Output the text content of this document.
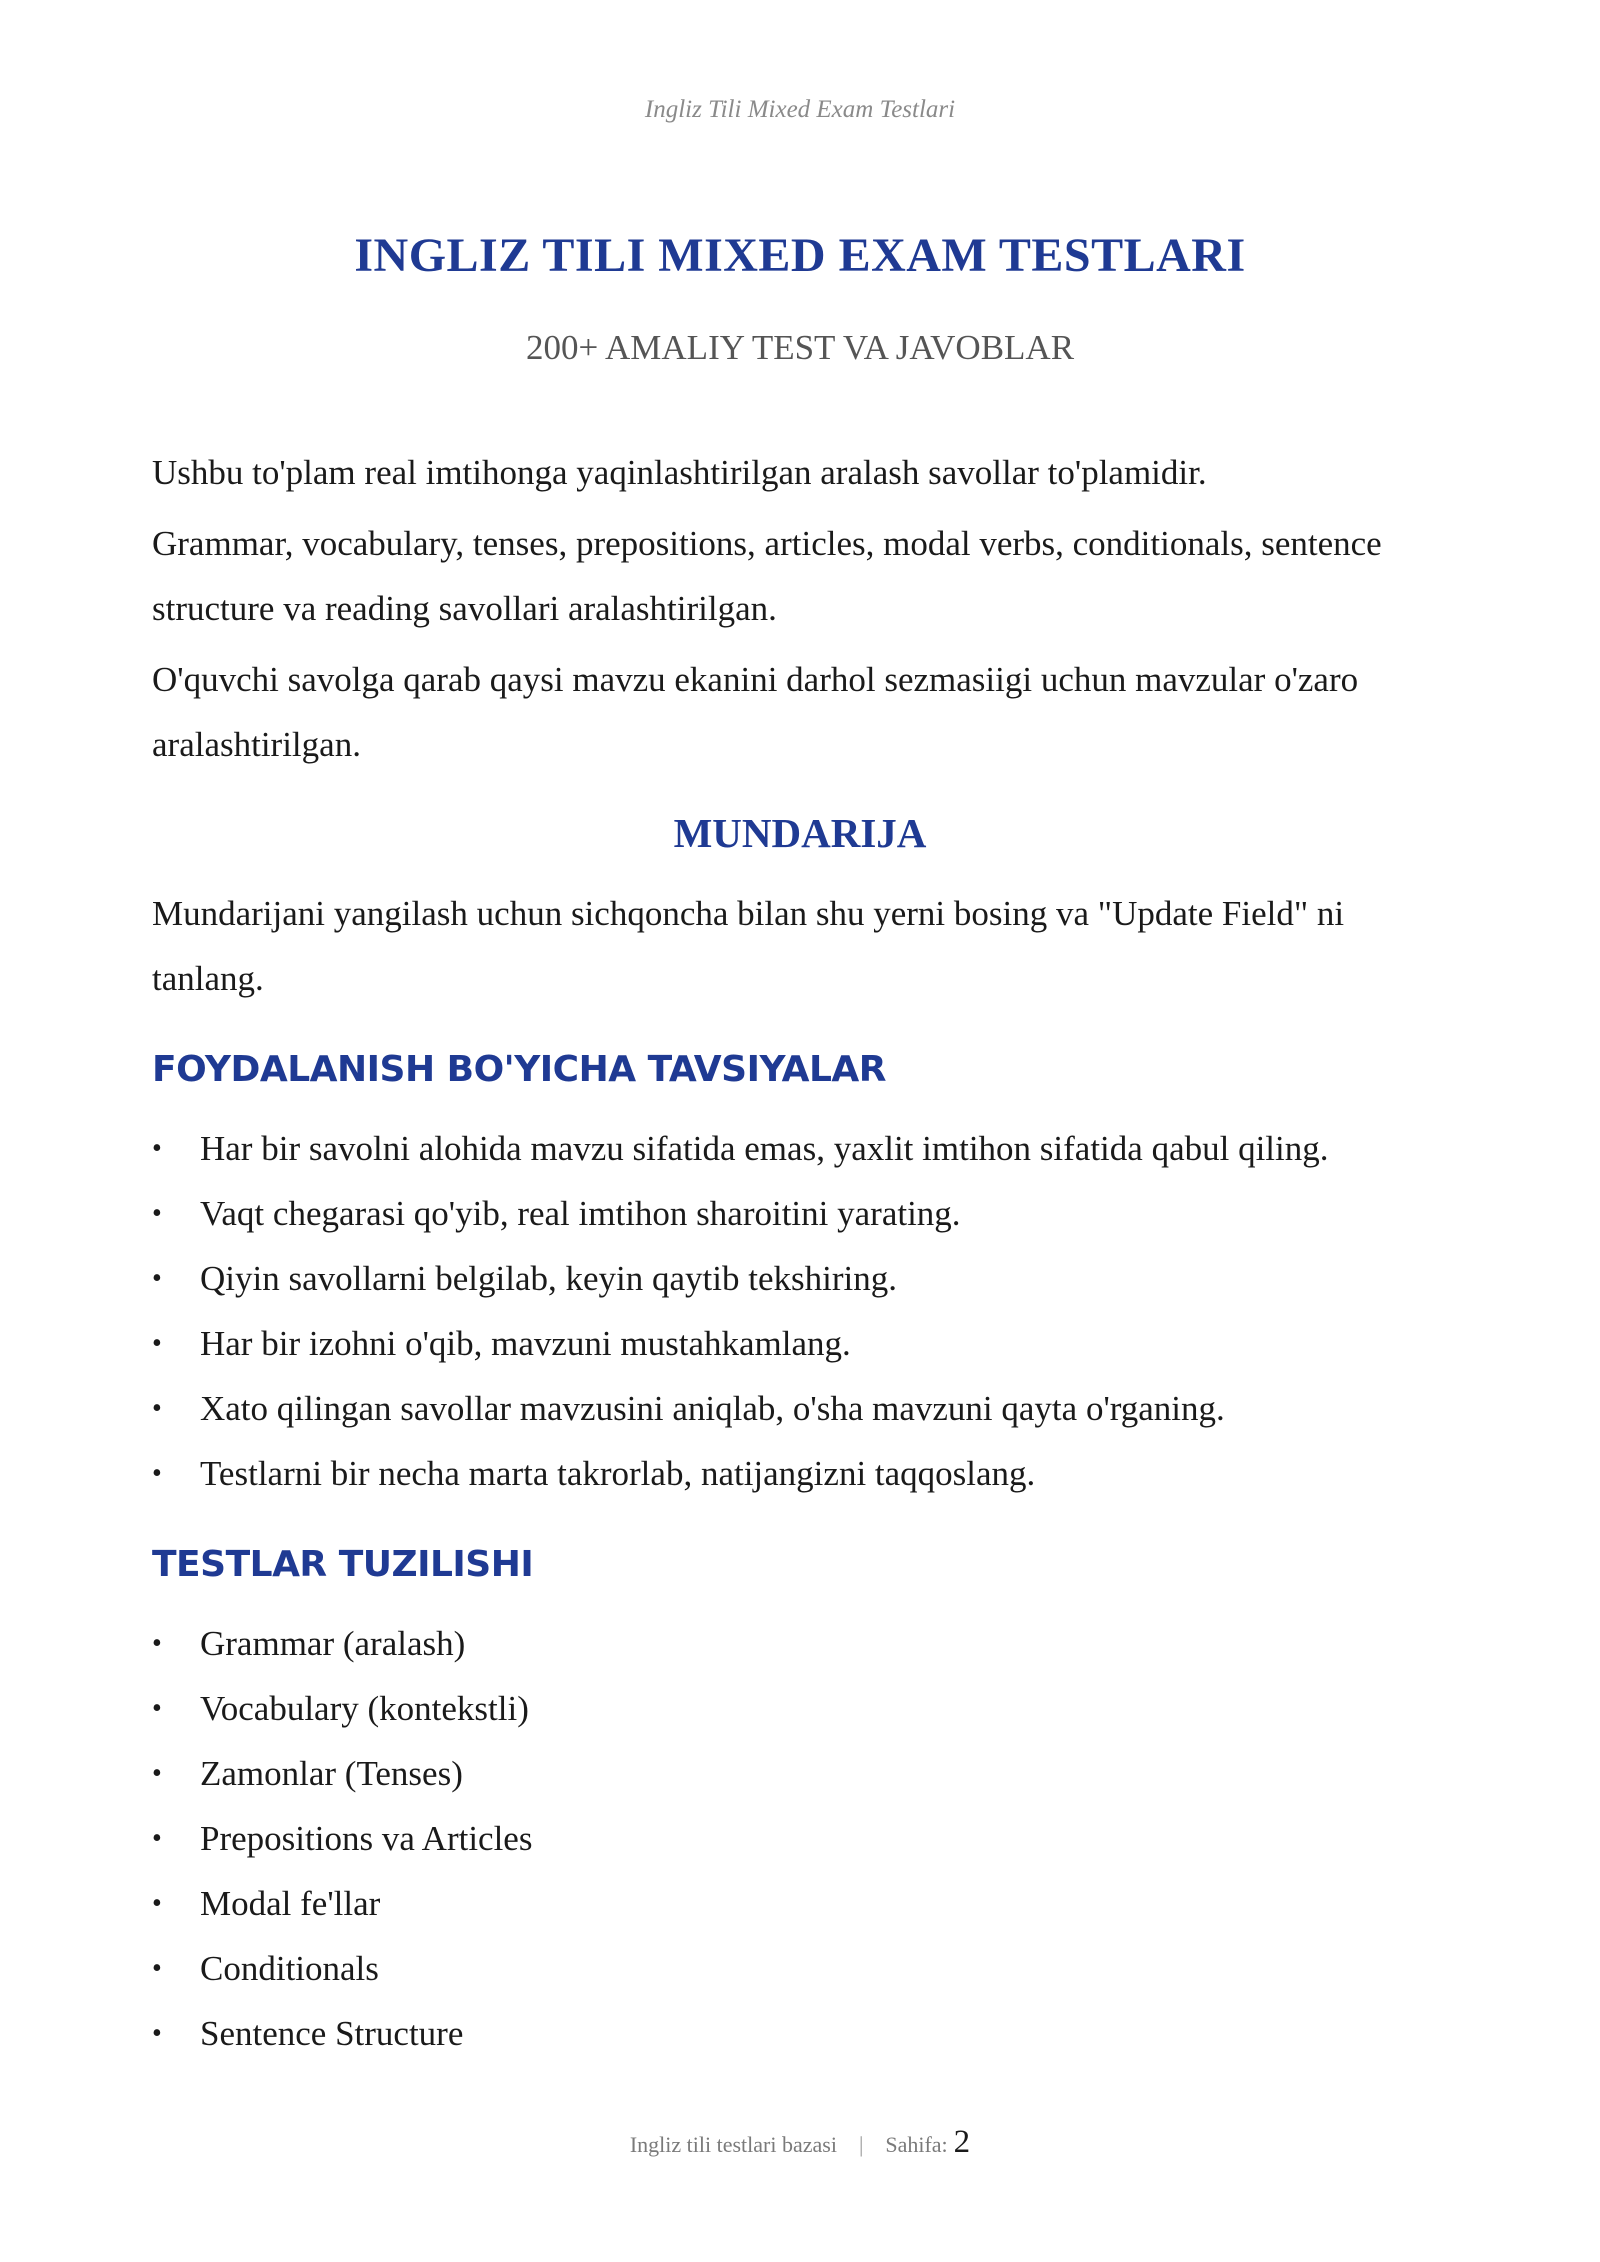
Ingliz Tili Mixed Exam Testlari
INGLIZ TILI MIXED EXAM TESTLARI
200+ AMALIY TEST VA JAVOBLAR

Ushbu to'plam real imtihonga yaqinlashtirilgan aralash savollar to'plamidir.

Grammar, vocabulary, tenses, prepositions, articles, modal verbs, conditionals, sentence structure va reading savollari aralashtirilgan.

O'quvchi savolga qarab qaysi mavzu ekanini darhol sezmasiigi uchun mavzular o'zaro aralashtirilgan.

MUNDARIJA

Mundarijani yangilash uchun sichqoncha bilan shu yerni bosing va "Update Field" ni tanlang.

FOYDALANISH BO'YICHA TAVSIYALAR
• Har bir savolni alohida mavzu sifatida emas, yaxlit imtihon sifatida qabul qiling.
• Vaqt chegarasi qo'yib, real imtihon sharoitini yarating.
• Qiyin savollarni belgilab, keyin qaytib tekshiring.
• Har bir izohni o'qib, mavzuni mustahkamlang.
• Xato qilingan savollar mavzusini aniqlab, o'sha mavzuni qayta o'rganing.
• Testlarni bir necha marta takrorlab, natijangizni taqqoslang.
TESTLAR TUZILISHI
• Grammar (aralash)
• Vocabulary (kontekstli)
• Zamonlar (Tenses)
• Prepositions va Articles
• Modal fe'llar
• Conditionals
• Sentence Structure
Ingliz tili testlari bazasi | Sahifa: 2
